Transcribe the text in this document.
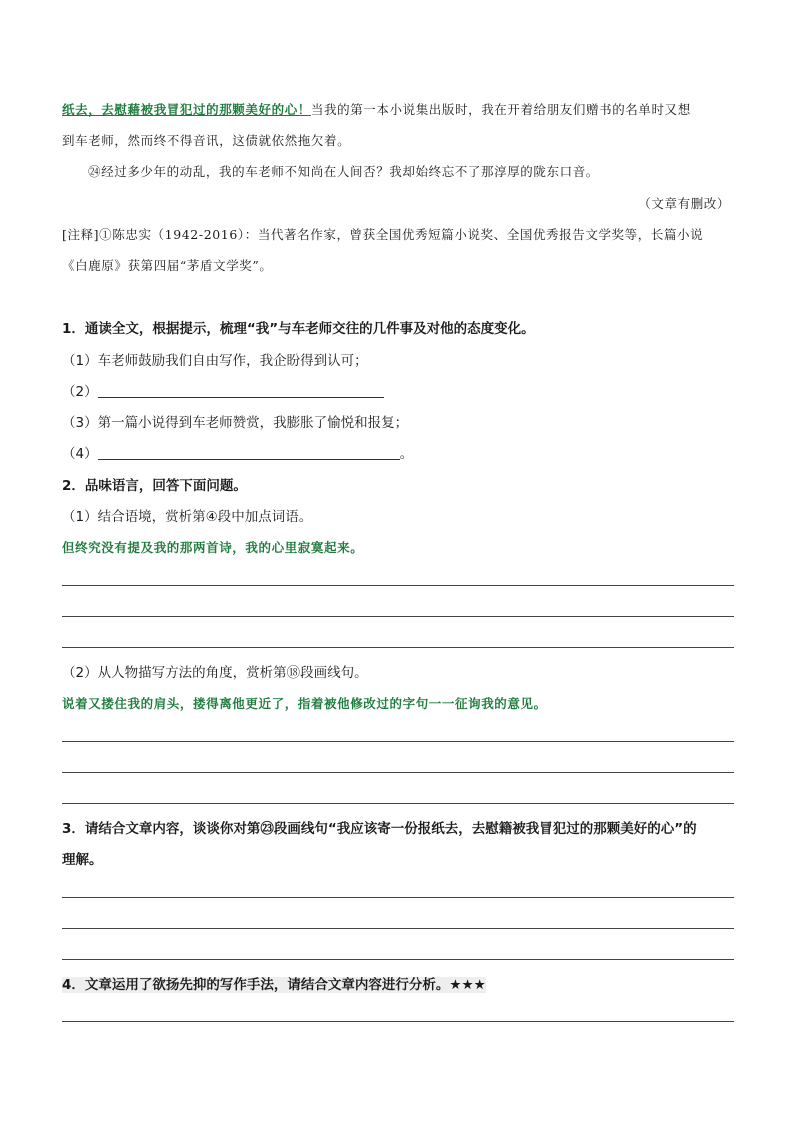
纸去，去慰藉被我冒犯过的那颗美好的心！当我的第一本小说集出版时，我在开着给朋友们赠书的名单时又想
到车老师，然而终不得音讯，这债就依然拖欠着。
㉔经过多少年的动乱，我的车老师不知尚在人间否？我却始终忘不了那淳厚的陇东口音。
（文章有删改）
[注释]①陈忠实（1942-2016）：当代著名作家，曾获全国优秀短篇小说奖、全国优秀报告文学奖等，长篇小说
《白鹿原》获第四届“茅盾文学奖”。
1．通读全文，根据提示，梳理“我”与车老师交往的几件事及对他的态度变化。
（1）车老师鼓励我们自由写作，我企盼得到认可；
（2）
（3）第一篇小说得到车老师赞赏，我膨胀了愉悦和报复；
（4）	。
2．品味语言，回答下面问题。
（1）结合语境，赏析第④段中加点词语。
但终究没有提及我的那两首诗，我的心里寂寞起来。
（2）从人物描写方法的角度，赏析第⑱段画线句。
说着又搂住我的肩头，搂得离他更近了，指着被他修改过的字句一一征询我的意见。
3．请结合文章内容，谈谈你对第㉓段画线句“我应该寄一份报纸去，去慰籍被我冒犯过的那颗美好的心”的
理解。
4．文章运用了欲扬先抑的写作手法，请结合文章内容进行分析。★★★
